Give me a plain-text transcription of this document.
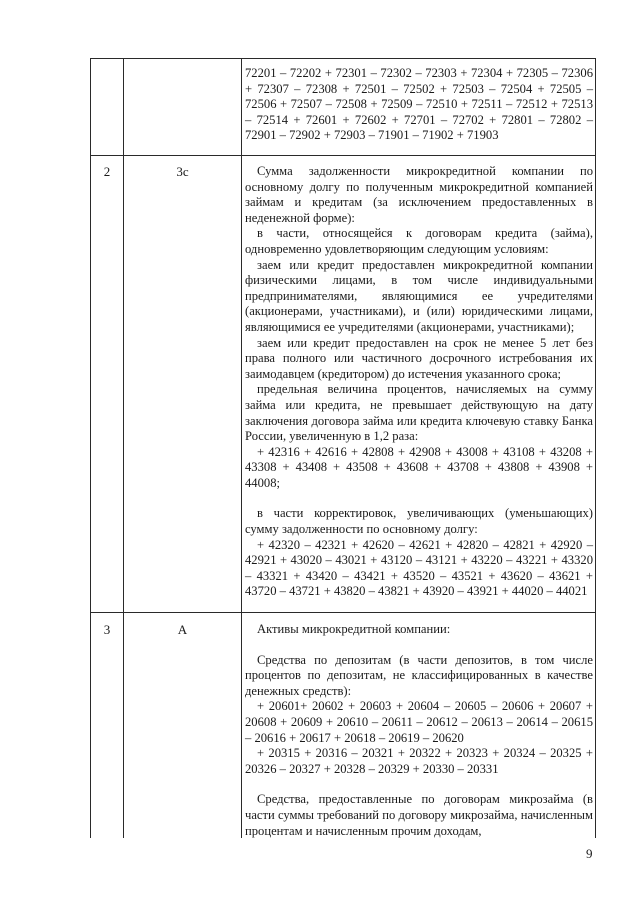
72201 – 72202 + 72301 – 72302 – 72303 + 72304 + 72305 – 72306 + 72307 – 72308 + 72501 – 72502 + 72503 – 72504 + 72505 – 72506 + 72507 – 72508 + 72509 – 72510 + 72511 – 72512 + 72513 – 72514 + 72601 + 72602 + 72701 – 72702 + 72801 – 72802 – 72901 – 72902 + 72903 – 71901 – 71902 + 71903

2	3с	Сумма задолженности микрокредитной компании по основному долгу по полученным микрокредитной компанией займам и кредитам (за исключением предоставленных в неденежной форме):

в части, относящейся к договорам кредита (займа), одновременно удовлетворяющим следующим условиям:

заем или кредит предоставлен микрокредитной компании физическими лицами, в том числе индивидуальными предпринимателями, являющимися ее учредителями (акционерами, участниками), и (или) юридическими лицами, являющимися ее учредителями (акционерами, участниками);

заем или кредит предоставлен на срок не менее 5 лет без права полного или частичного досрочного истребования их заимодавцем (кредитором) до истечения указанного срока;

предельная величина процентов, начисляемых на сумму займа или кредита, не превышает действующую на дату заключения договора займа или кредита ключевую ставку Банка России, увеличенную в 1,2 раза:

+ 42316 + 42616 + 42808 + 42908 + 43008 + 43108 + 43208 + 43308 + 43408 + 43508 + 43608 + 43708 + 43808 + 43908 + 44008;

в части корректировок, увеличивающих (уменьшающих) сумму задолженности по основному долгу:

+ 42320 – 42321 + 42620 – 42621 + 42820 – 42821 + 42920 – 42921 + 43020 – 43021 + 43120 – 43121 + 43220 – 43221 + 43320 – 43321 + 43420 – 43421 + 43520 – 43521 + 43620 – 43621 + 43720 – 43721 + 43820 – 43821 + 43920 – 43921 + 44020 – 44021

3	А	Активы микрокредитной компании:

Средства по депозитам (в части депозитов, в том числе процентов по депозитам, не классифицированных в качестве денежных средств):

+ 20601+ 20602 + 20603 + 20604 – 20605 – 20606 + 20607 + 20608 + 20609 + 20610 – 20611 – 20612 – 20613 – 20614 – 20615 – 20616 + 20617 + 20618 – 20619 – 20620

+ 20315 + 20316 – 20321 + 20322 + 20323 + 20324 – 20325 + 20326 – 20327 + 20328 – 20329 + 20330 – 20331

Средства, предоставленные по договорам микрозайма (в части суммы требований по договору микрозайма, начисленным процентам и начисленным прочим доходам,

9
